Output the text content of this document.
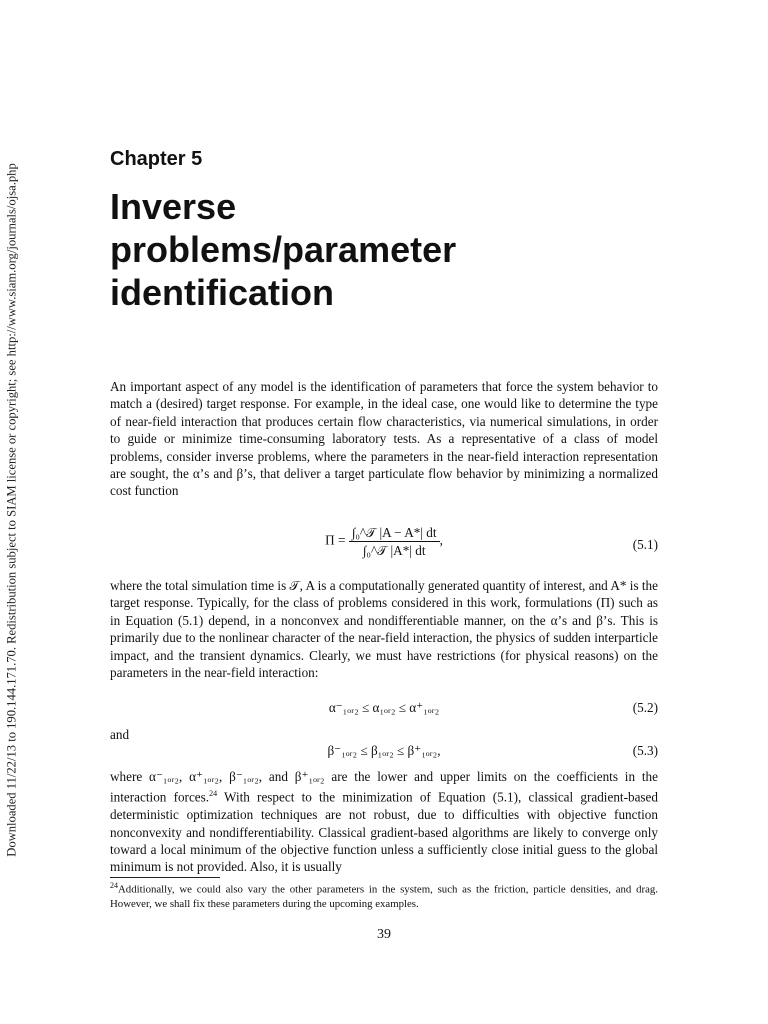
Downloaded 11/22/13 to 190.144.171.70. Redistribution subject to SIAM license or copyright; see http://www.siam.org/journals/ojsa.php
Chapter 5
Inverse
problems/parameter
identification

An important aspect of any model is the identification of parameters that force the system behavior to match a (desired) target response. For example, in the ideal case, one would like to determine the type of near-field interaction that produces certain flow characteristics, via numerical simulations, in order to guide or minimize time-consuming laboratory tests. As a representative of a class of model problems, consider inverse problems, where the parameters in the near-field interaction representation are sought, the α’s and β’s, that deliver a target particulate flow behavior by minimizing a normalized cost function

$\Pi = \frac{\text{∫₀\textasciicircum{}𝒯 |A − A*| dt}}{\text{∫₀\textasciicircum{}𝒯 |A*| dt}}$ ,	(5.1)

where the total simulation time is 𝒯, A is a computationally generated quantity of interest, and A* is the target response. Typically, for the class of problems considered in this work, formulations (Π) such as in Equation (5.1) depend, in a nonconvex and nondifferentiable manner, on the α’s and β’s. This is primarily due to the nonlinear character of the near-field interaction, the physics of sudden interparticle impact, and the transient dynamics. Clearly, we must have restrictions (for physical reasons) on the parameters in the near-field interaction:

α⁻₁ₒᵣ₂ ≤ α₁ₒᵣ₂ ≤ α⁺₁ₒᵣ₂	(5.2)
and
β⁻₁ₒᵣ₂ ≤ β₁ₒᵣ₂ ≤ β⁺₁ₒᵣ₂,	(5.3)

where α⁻₁ₒᵣ₂, α⁺₁ₒᵣ₂, β⁻₁ₒᵣ₂, and β⁺₁ₒᵣ₂ are the lower and upper limits on the coefficients in the interaction forces.$^{24}$ With respect to the minimization of Equation (5.1), classical gradient-based deterministic optimization techniques are not robust, due to difficulties with objective function nonconvexity and nondifferentiability. Classical gradient-based algorithms are likely to converge only toward a local minimum of the objective function unless a sufficiently close initial guess to the global minimum is not provided. Also, it is usually

$^{24}$Additionally, we could also vary the other parameters in the system, such as the friction, particle densities, and drag. However, we shall fix these parameters during the upcoming examples.
39
